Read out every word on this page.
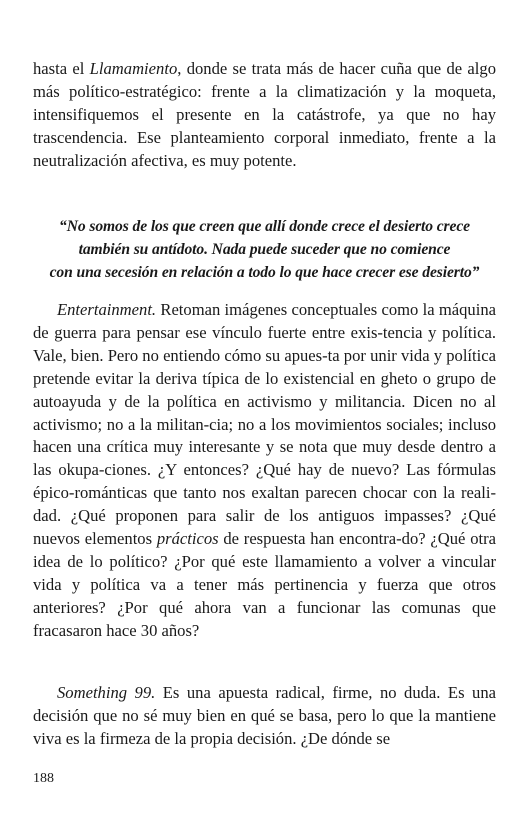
hasta el Llamamiento, donde se trata más de hacer cuña que de algo más político-estratégico: frente a la climatización y la moqueta, intensifiquemos el presente en la catástrofe, ya que no hay trascendencia. Ese planteamiento corporal inmediato, frente a la neutralización afectiva, es muy potente.
“No somos de los que creen que allí donde crece el desierto crece
también su antídoto. Nada puede suceder que no comience
con una secesión en relación a todo lo que hace crecer ese desierto”
Entertainment. Retoman imágenes conceptuales como la máquina de guerra para pensar ese vínculo fuerte entre exis-tencia y política. Vale, bien. Pero no entiendo cómo su apues-ta por unir vida y política pretende evitar la deriva típica de lo existencial en gheto o grupo de autoayuda y de la política en activismo y militancia. Dicen no al activismo; no a la militan-cia; no a los movimientos sociales; incluso hacen una crítica muy interesante y se nota que muy desde dentro a las okupa-ciones. ¿Y entonces? ¿Qué hay de nuevo? Las fórmulas épico-románticas que tanto nos exaltan parecen chocar con la reali-dad. ¿Qué proponen para salir de los antiguos impasses? ¿Qué nuevos elementos prácticos de respuesta han encontra-do? ¿Qué otra idea de lo político? ¿Por qué este llamamiento a volver a vincular vida y política va a tener más pertinencia y fuerza que otros anteriores? ¿Por qué ahora van a funcionar las comunas que fracasaron hace 30 años?
Something 99. Es una apuesta radical, firme, no duda. Es una decisión que no sé muy bien en qué se basa, pero lo que la mantiene viva es la firmeza de la propia decisión. ¿De dónde se
188
